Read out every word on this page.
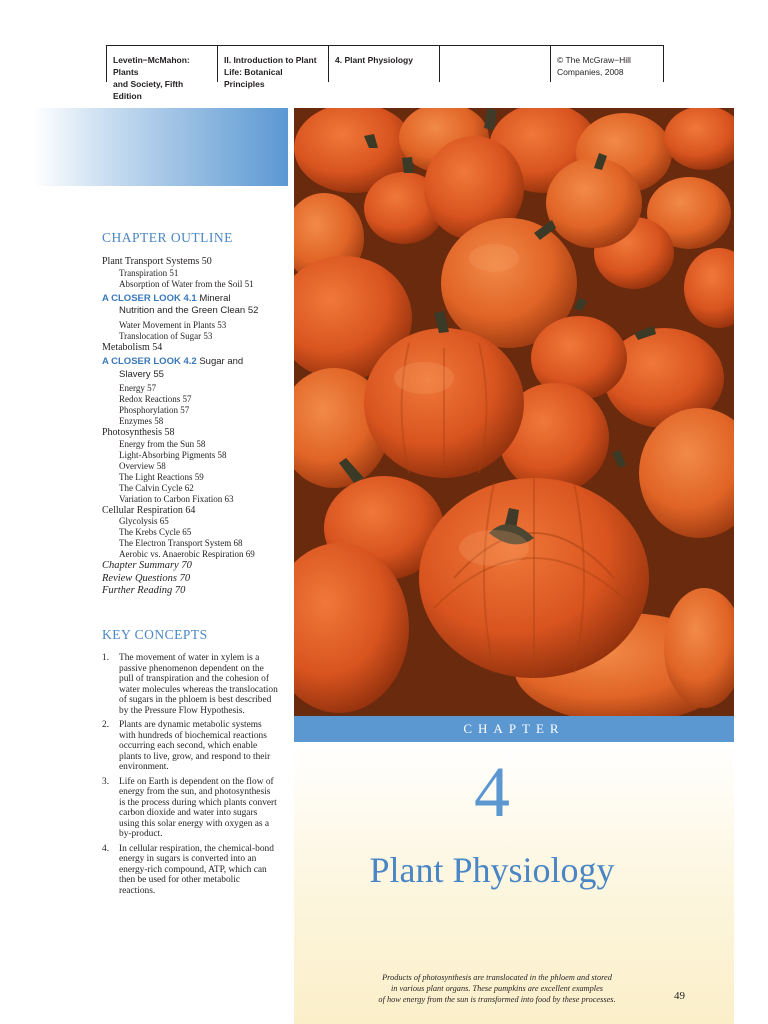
Levetin−McMahon: Plants
and Society, Fifth Edition
II. Introduction to Plant
Life: Botanical Principles
4. Plant Physiology	© The McGraw−Hill
Companies, 2008
CHAPTER OUTLINE
Plant Transport Systems 50
Transpiration 51
Absorption of Water from the Soil 51
A CLOSER LOOK 4.1 Mineral
Nutrition and the Green Clean 52
Water Movement in Plants 53
Translocation of Sugar 53
Metabolism 54
A CLOSER LOOK 4.2 Sugar and
Slavery 55
Energy 57
Redox Reactions 57
Phosphorylation 57
Enzymes 58
Photosynthesis 58
Energy from the Sun 58
Light-Absorbing Pigments 58
Overview 58
The Light Reactions 59
The Calvin Cycle 62
Variation to Carbon Fixation 63
Cellular Respiration 64
Glycolysis 65
The Krebs Cycle 65
The Electron Transport System 68
Aerobic vs. Anaerobic Respiration 69
Chapter Summary 70
Review Questions 70
Further Reading 70
KEY CONCEPTS
1.	The movement of water in xylem is a passive phenomenon dependent on the pull of transpiration and the cohesion of water molecules whereas the translocation of sugars in the phloem is best described by the Pressure Flow Hypothesis.
2.	Plants are dynamic metabolic systems with hundreds of biochemical reactions occurring each second, which enable plants to live, grow, and respond to their environment.
3.	Life on Earth is dependent on the flow of energy from the sun, and photosynthesis is the process during which plants convert carbon dioxide and water into sugars using this solar energy with oxygen as a by-product.
4.	In cellular respiration, the chemical-bond energy in sugars is converted into an energy-rich compound, ATP, which can then be used for other metabolic reactions.
CHAPTER
4
Plant Physiology
Products of photosynthesis are translocated in the phloem and stored
in various plant organs. These pumpkins are excellent examples
of how energy from the sun is transformed into food by these processes.	49
